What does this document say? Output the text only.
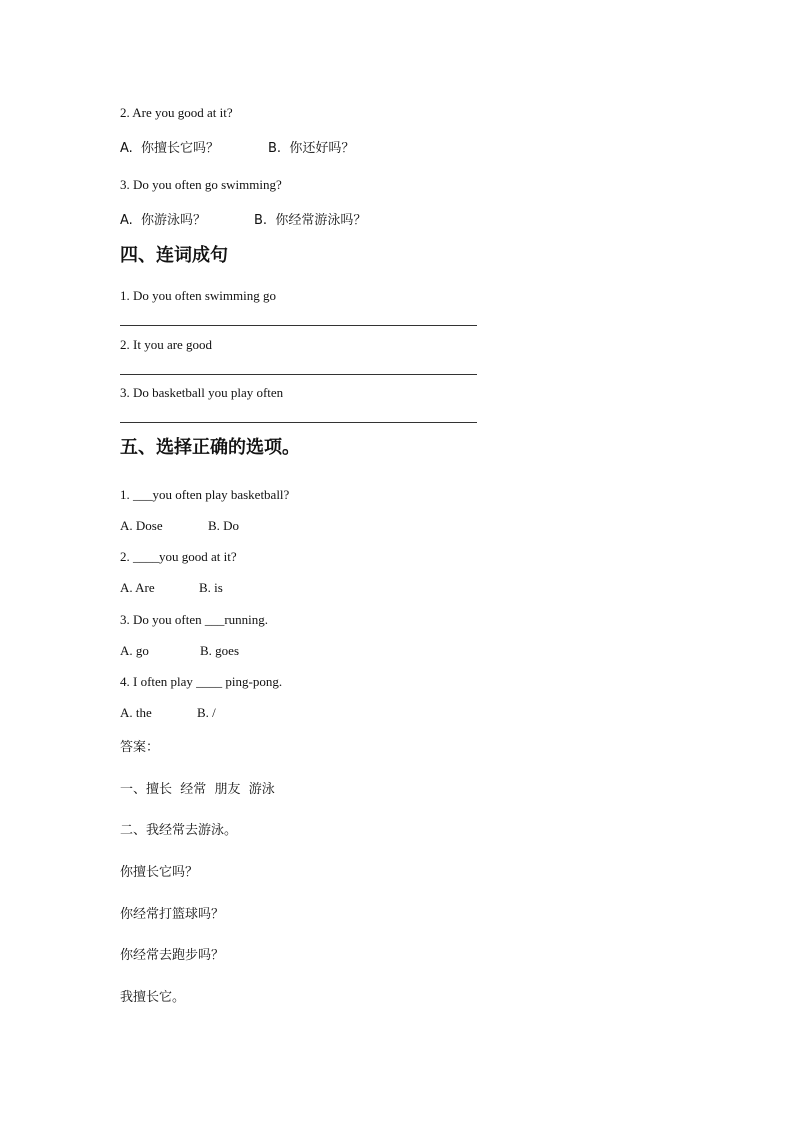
2. Are you good at it?
A.  你擅长它吗？	B.  你还好吗？
3. Do you often go swimming?
A.  你游泳吗？	B.  你经常游泳吗？
四、连词成句
1. Do you often swimming go
2. It you are good
3. Do basketball you play often
五、选择正确的选项。
1. ___you often play basketball?
A. Dose	B. Do
2. ____you good at it?
A. Are	B. is
3. Do you often ___running.
A. go	B. goes
4. I often play ____ ping-pong.
A. the	B. /
答案：
一、擅长  经常  朋友  游泳
二、我经常去游泳。
你擅长它吗？
你经常打篮球吗？
你经常去跑步吗？
我擅长它。
